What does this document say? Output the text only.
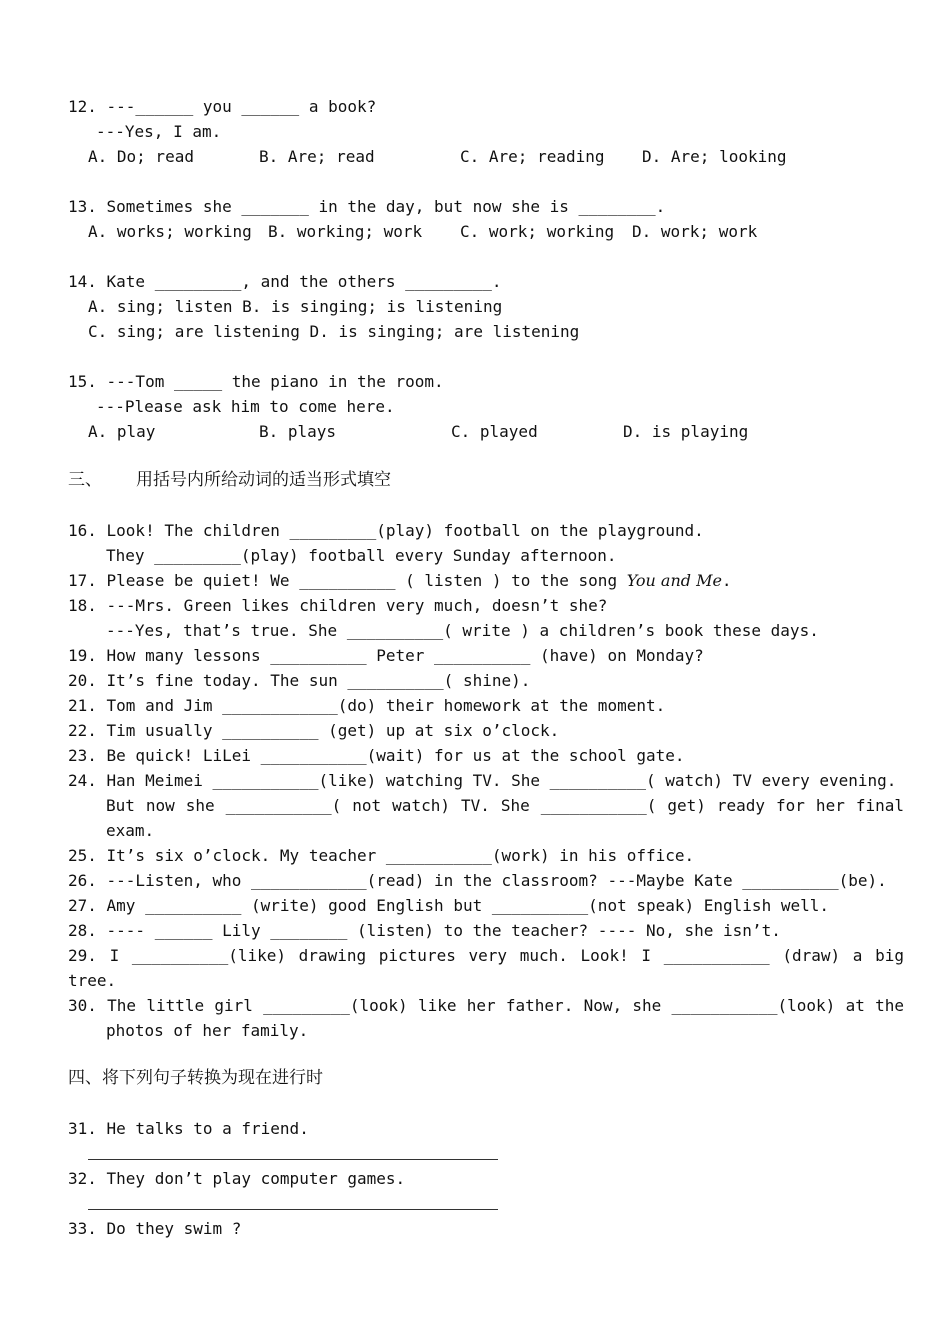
12. ---______ you ______ a book?
---Yes, I am.
A. Do; read	B. Are; read	C. Are; reading D. Are; looking
13. Sometimes she _______ in the day, but now she is ________.
A. works; working B. working; work C. work; working D. work; work
14. Kate _________, and the others _________.
A. sing; listen B. is singing; is listening
C. sing; are listening D. is singing; are listening
15. ---Tom _____ the piano in the room.
---Please ask him to come here.
A. play	B. plays	C. played	D. is playing
三、 用括号内所给动词的适当形式填空
16. Look! The children _________(play) football on the playground.
They _________(play) football every Sunday afternoon.
17. Please be quiet! We __________ ( listen ) to the song You and Me.
18. ---Mrs. Green likes children very much, doesn’t she?
---Yes, that’s true. She __________( write ) a children’s book these days.
19. How many lessons __________ Peter __________ (have) on Monday?
20. It’s fine today. The sun __________( shine).
21. Tom and Jim ____________(do) their homework at the moment.
22. Tim usually __________ (get) up at six o’clock.
23. Be quick! LiLei ___________(wait) for us at the school gate.
24. Han Meimei ___________(like) watching TV. She __________( watch) TV every evening.
But now she ___________( not watch) TV. She ___________( get) ready for her final
exam.
25. It’s six o’clock. My teacher ___________(work) in his office.
26. ---Listen, who ____________(read) in the classroom? ---Maybe Kate __________(be).
27. Amy __________ (write) good English but __________(not speak) English well.
28. ---- ______ Lily ________ (listen) to the teacher? ---- No, she isn’t.
29. I __________(like) drawing pictures very much. Look! I ___________ (draw) a big
tree.
30. The little girl _________(look) like her father. Now, she ___________(look) at the
photos of her family.
四、将下列句子转换为现在进行时
31. He talks to a friend.
32. They don’t play computer games.
33. Do they swim ?
